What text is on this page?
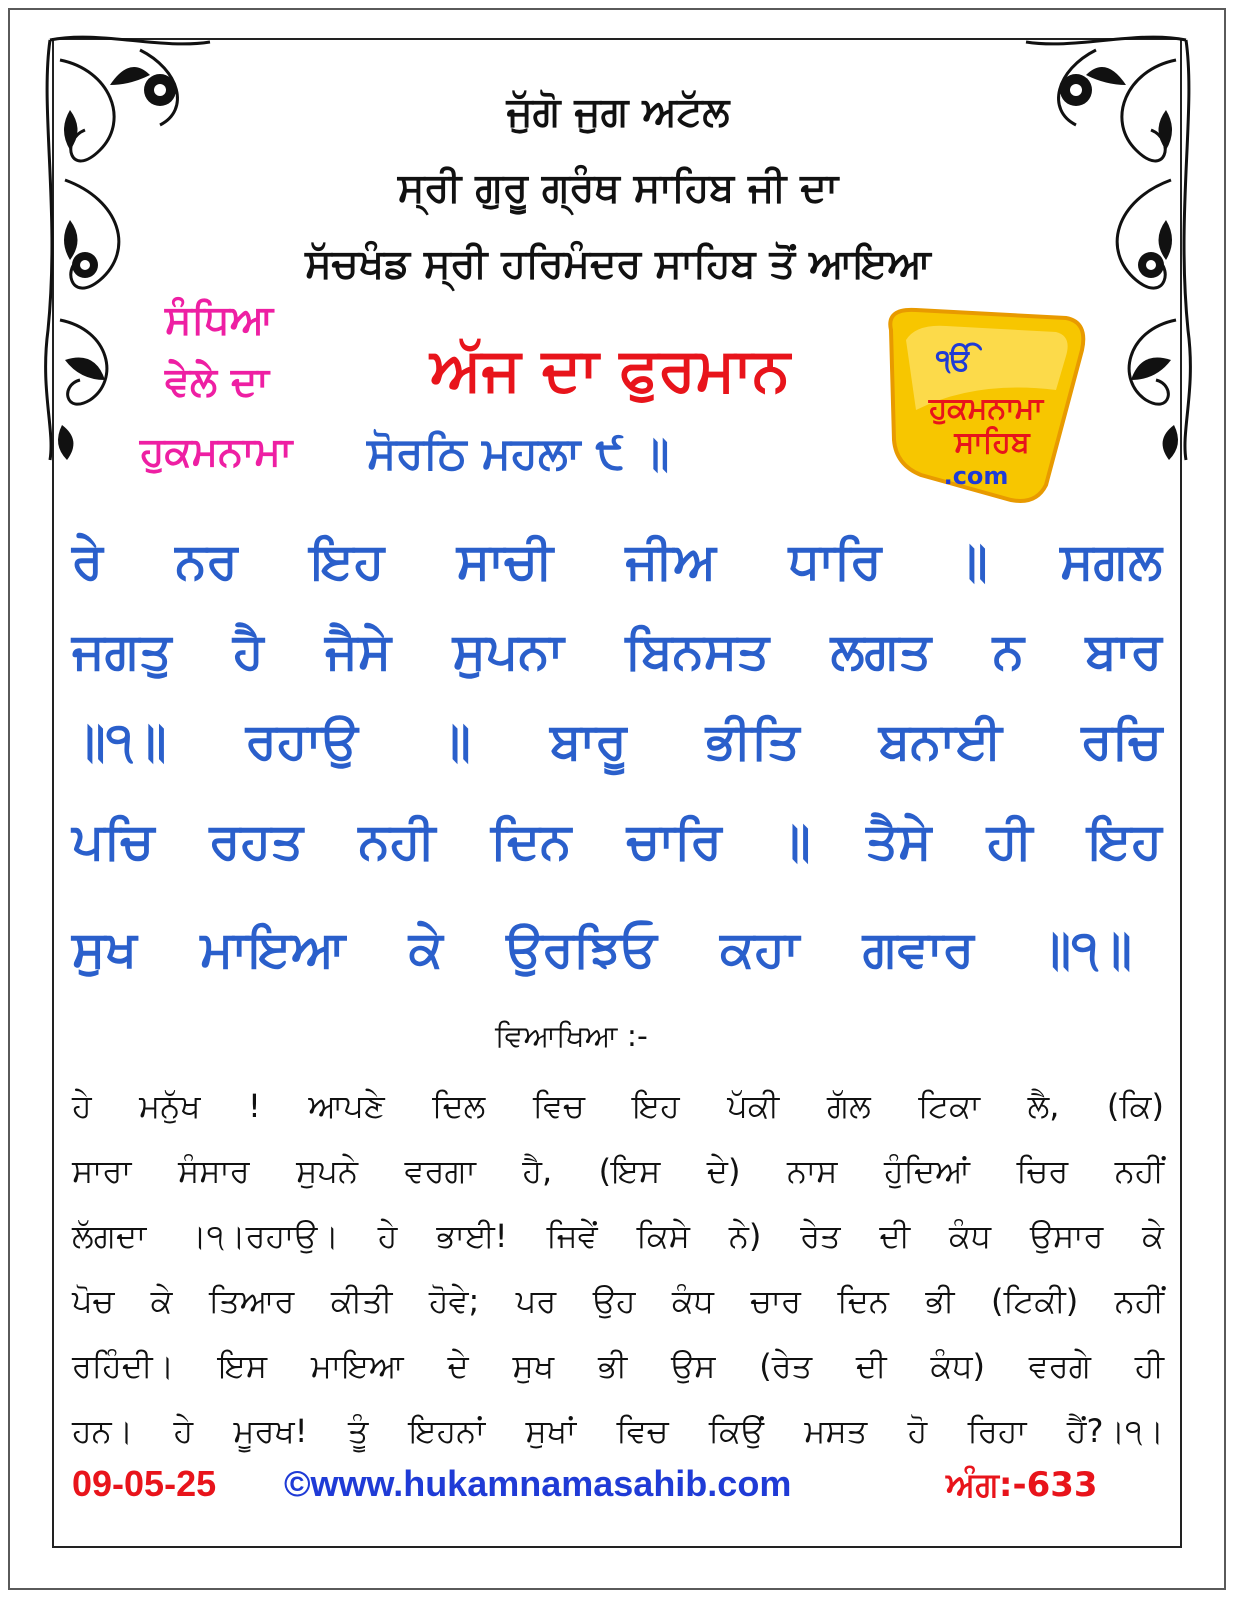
ਜੁੱਗੋ ਜੁਗ ਅਟੱਲ
ਸ੍ਰੀ ਗੁਰੂ ਗ੍ਰੰਥ ਸਾਹਿਬ ਜੀ ਦਾ
ਸੱਚਖੰਡ ਸ੍ਰੀ ਹਰਿਮੰਦਰ ਸਾਹਿਬ ਤੋਂ ਆਇਆ
ਸੰਧਿਆ
ਵੇਲੇ ਦਾ
ਹੁਕਮਨਾਮਾ
ਅੱਜ ਦਾ ਫੁਰਮਾਨ
ਸੋਰਠਿ ਮਹਲਾ ੯ ॥
ੴ
ਹੁਕਮਨਾਮਾ
ਸਾਹਿਬ
.com
ਰੇ ਨਰ ਇਹ ਸਾਚੀ ਜੀਅ ਧਾਰਿ ॥ ਸਗਲ
ਜਗਤੁ ਹੈ ਜੈਸੇ ਸੁਪਨਾ ਬਿਨਸਤ ਲਗਤ ਨ ਬਾਰ
॥੧॥ ਰਹਾਉ ॥ ਬਾਰੂ ਭੀਤਿ ਬਨਾਈ ਰਚਿ
ਪਚਿ ਰਹਤ ਨਹੀ ਦਿਨ ਚਾਰਿ ॥ ਤੈਸੇ ਹੀ ਇਹ
ਸੁਖ ਮਾਇਆ ਕੇ ਉਰਝਿਓ ਕਹਾ ਗਵਾਰ ॥੧॥
ਵਿਆਖਿਆ :-
ਹੇ ਮਨੁੱਖ ! ਆਪਣੇ ਦਿਲ ਵਿਚ ਇਹ ਪੱਕੀ ਗੱਲ ਟਿਕਾ ਲੈ, (ਕਿ)
ਸਾਰਾ ਸੰਸਾਰ ਸੁਪਨੇ ਵਰਗਾ ਹੈ, (ਇਸ ਦੇ) ਨਾਸ ਹੁੰਦਿਆਂ ਚਿਰ ਨਹੀਂ
ਲੱਗਦਾ ।੧।ਰਹਾਉ। ਹੇ ਭਾਈ! ਜਿਵੇਂ ਕਿਸੇ ਨੇ) ਰੇਤ ਦੀ ਕੰਧ ਉਸਾਰ ਕੇ
ਪੋਚ ਕੇ ਤਿਆਰ ਕੀਤੀ ਹੋਵੇ; ਪਰ ਉਹ ਕੰਧ ਚਾਰ ਦਿਨ ਭੀ (ਟਿਕੀ) ਨਹੀਂ
ਰਹਿੰਦੀ। ਇਸ ਮਾਇਆ ਦੇ ਸੁਖ ਭੀ ਉਸ (ਰੇਤ ਦੀ ਕੰਧ) ਵਰਗੇ ਹੀ
ਹਨ। ਹੇ ਮੂਰਖ! ਤੂੰ ਇਹਨਾਂ ਸੁਖਾਂ ਵਿਚ ਕਿਉਂ ਮਸਤ ਹੋ ਰਿਹਾ ਹੈਂ?।੧।
09-05-25 ©www.hukamnamasahib.com	ਅੰਗ:-633
